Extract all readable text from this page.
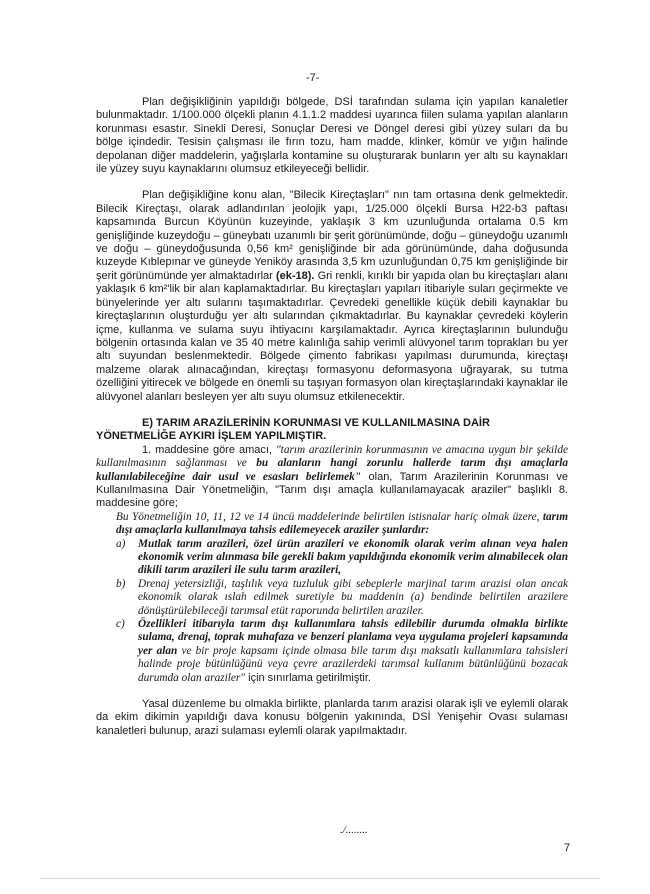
-7-

Plan değişikliğinin yapıldığı bölgede, DSİ tarafından sulama için yapılan kanaletler bulunmaktadır. 1/100.000 ölçekli planın 4.1.1.2 maddesi uyarınca fiilen sulama yapılan alanların korunması esastır. Sinekli Deresi, Sonuçlar Deresi ve Döngel deresi gibi yüzey suları da bu bölge içindedir. Tesisin çalışması ile fırın tozu, ham madde, klinker, kömür ve yığın halinde depolanan diğer maddelerin, yağışlarla kontamine su oluşturarak bunların yer altı su kaynakları ile yüzey suyu kaynaklarını olumsuz etkileyeceği bellidir.

Plan değişikliğine konu alan, "Bilecik Kireçtaşları" nın tam ortasına denk gelmektedir. Bilecik Kireçtaşı, olarak adlandırılan jeolojik yapı, 1/25.000 ölçekli Bursa H22-b3 paftası kapsamında Burcun Köyünün kuzeyinde, yaklaşık 3 km uzunluğunda ortalama 0.5 km genişliğinde kuzeydoğu – güneybatı uzanımlı bir şerit görünümünde, doğu – güneydoğu uzanımlı ve doğu – güneydoğusunda 0,56 km² genişliğinde bir ada görünümünde, daha doğusunda kuzeyde Kıblepınar ve güneyde Yeniköy arasında 3,5 km uzunluğundan 0,75 km genişliğinde bir şerit görünümünde yer almaktadırlar (ek-18). Gri renkli, kırıklı bir yapıda olan bu kireçtaşları alanı yaklaşık 6 km²'lik bir alan kaplamaktadırlar. Bu kireçtaşları yapıları itibariyle suları geçirmekte ve bünyelerinde yer altı sularını taşımaktadırlar. Çevredeki genellikle küçük debili kaynaklar bu kireçtaşlarının oluşturduğu yer altı sularından çıkmaktadırlar. Bu kaynaklar çevredeki köylerin içme, kullanma ve sulama suyu ihtiyacını karşılamaktadır. Ayrıca kireçtaşlarının bulunduğu bölgenin ortasında kalan ve 35 40 metre kalınlığa sahip verimli alüvyonel tarım toprakları bu yer altı suyundan beslenmektedir. Bölgede çimento fabrikası yapılması durumunda, kireçtaşı malzeme olarak alınacağından, kireçtaşı formasyonu deformasyona uğrayarak, su tutma özelliğini yitirecek ve bölgede en önemli su taşıyan formasyon olan kireçtaşlarındaki kaynaklar ile alüvyonel alanları besleyen yer altı suyu olumsuz etkilenecektir.

E) TARIM ARAZİLERİNİN KORUNMASI VE KULLANILMASINA DAİR
YÖNETMELİĞE AYKIRI İŞLEM YAPILMIŞTIR.

1. maddesine göre amacı, "tarım arazilerinin korunmasının ve amacına uygun bir şekilde kullanılmasının sağlanması ve bu alanların hangi zorunlu hallerde tarım dışı amaçlarla kullanılabileceğine dair usul ve esasları belirlemek" olan, Tarım Arazilerinin Korunması ve Kullanılmasına Dair Yönetmeliğin, "Tarım dışı amaçla kullanılamayacak araziler" başlıklı 8. maddesine göre;

Bu Yönetmeliğin 10, 11, 12 ve 14 üncü maddelerinde belirtilen istisnalar hariç olmak üzere, tarım dışı amaçlarla kullanılmaya tahsis edilemeyecek araziler şunlardır:

a)	Mutlak tarım arazileri, özel ürün arazileri ve ekonomik olarak verim alınan veya halen ekonomik verim alınmasa bile gerekli bakım yapıldığında ekonomik verim alınabilecek olan dikili tarım arazileri ile sulu tarım arazileri,
b)	Drenaj yetersizliği, taşlılık veya tuzluluk gibi sebeplerle marjinal tarım arazisi olan ancak ekonomik olarak ıslah edilmek suretiyle bu maddenin (a) bendinde belirtilen arazilere dönüştürülebileceği tarımsal etüt raporunda belirtilen araziler.
c)	Özellikleri itibarıyla tarım dışı kullanımlara tahsis edilebilir durumda olmakla birlikte sulama, drenaj, toprak muhafaza ve benzeri planlama veya uygulama projeleri kapsamında yer alan ve bir proje kapsamı içinde olmasa bile tarım dışı maksatlı kullanımlara tahsisleri halinde proje bütünlüğünü veya çevre arazilerdeki tarımsal kullanım bütünlüğünü bozacak durumda olan araziler" için sınırlama getirilmiştir.

Yasal düzenleme bu olmakla birlikte, planlarda tarım arazisi olarak işli ve eylemli olarak da ekim dikimin yapıldığı dava konusu bölgenin yakınında, DSİ Yenişehir Ovası sulaması kanaletleri bulunup, arazi sulaması eylemli olarak yapılmaktadır.

./........
7
